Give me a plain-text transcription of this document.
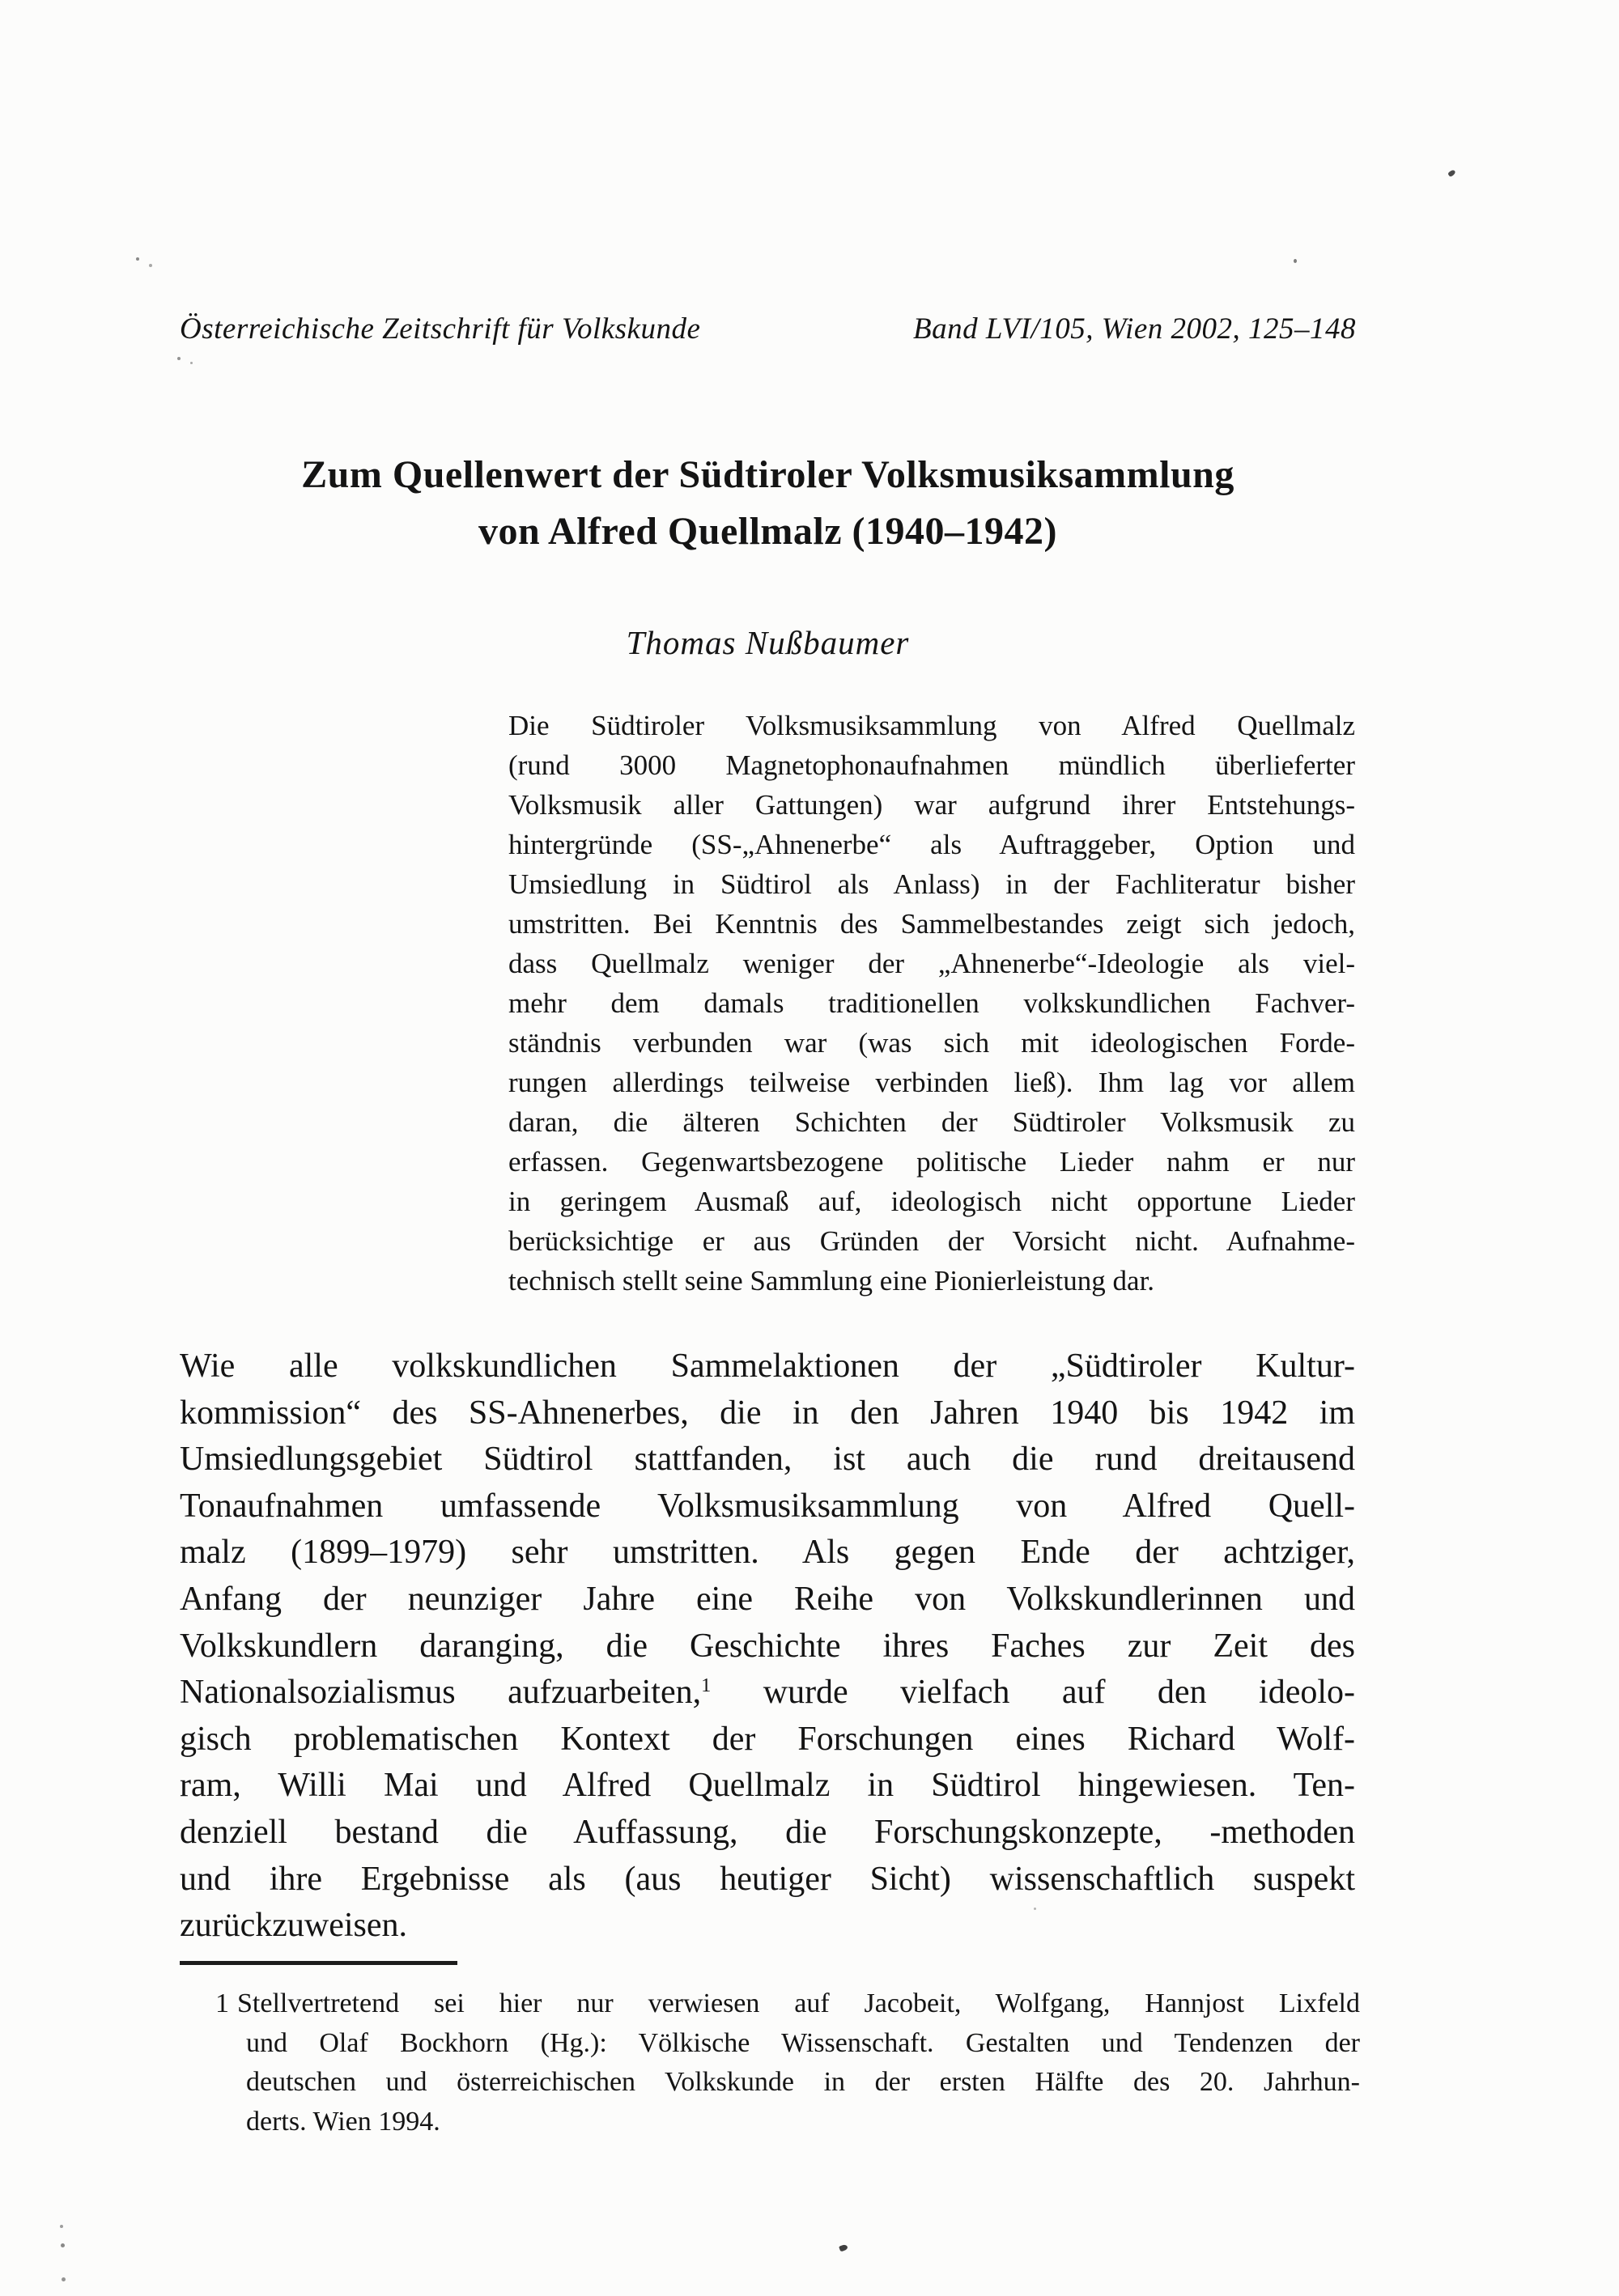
Österreichische Zeitschrift für Volkskunde	Band LVI/105, Wien 2002, 125–148
Zum Quellenwert der Südtiroler Volksmusiksammlung
von Alfred Quellmalz (1940–1942)
Thomas Nußbaumer
Die Südtiroler Volksmusiksammlung von Alfred Quellmalz
(rund 3000 Magnetophonaufnahmen mündlich überlieferter
Volksmusik aller Gattungen) war aufgrund ihrer Entstehungs-
hintergründe (SS-„Ahnenerbe“ als Auftraggeber, Option und
Umsiedlung in Südtirol als Anlass) in der Fachliteratur bisher
umstritten. Bei Kenntnis des Sammelbestandes zeigt sich jedoch,
dass Quellmalz weniger der „Ahnenerbe“-Ideologie als viel-
mehr dem damals traditionellen volkskundlichen Fachver-
ständnis verbunden war (was sich mit ideologischen Forde-
rungen allerdings teilweise verbinden ließ). Ihm lag vor allem
daran, die älteren Schichten der Südtiroler Volksmusik zu
erfassen. Gegenwartsbezogene politische Lieder nahm er nur
in geringem Ausmaß auf, ideologisch nicht opportune Lieder
berücksichtige er aus Gründen der Vorsicht nicht. Aufnahme-
technisch stellt seine Sammlung eine Pionierleistung dar.
Wie alle volkskundlichen Sammelaktionen der „Südtiroler Kultur-
kommission“ des SS-Ahnenerbes, die in den Jahren 1940 bis 1942 im
Umsiedlungsgebiet Südtirol stattfanden, ist auch die rund dreitausend
Tonaufnahmen umfassende Volksmusiksammlung von Alfred Quell-
malz (1899–1979) sehr umstritten. Als gegen Ende der achtziger,
Anfang der neunziger Jahre eine Reihe von Volkskundlerinnen und
Volkskundlern daranging, die Geschichte ihres Faches zur Zeit des
Nationalsozialismus aufzuarbeiten,$^1$ wurde vielfach auf den ideolo-
gisch problematischen Kontext der Forschungen eines Richard Wolf-
ram, Willi Mai und Alfred Quellmalz in Südtirol hingewiesen. Ten-
denziell bestand die Auffassung, die Forschungskonzepte, -methoden
und ihre Ergebnisse als (aus heutiger Sicht) wissenschaftlich suspekt
zurückzuweisen.
1 Stellvertretend sei hier nur verwiesen auf Jacobeit, Wolfgang, Hannjost Lixfeld
und Olaf Bockhorn (Hg.): Völkische Wissenschaft. Gestalten und Tendenzen der
deutschen und österreichischen Volkskunde in der ersten Hälfte des 20. Jahrhun-
derts. Wien 1994.
